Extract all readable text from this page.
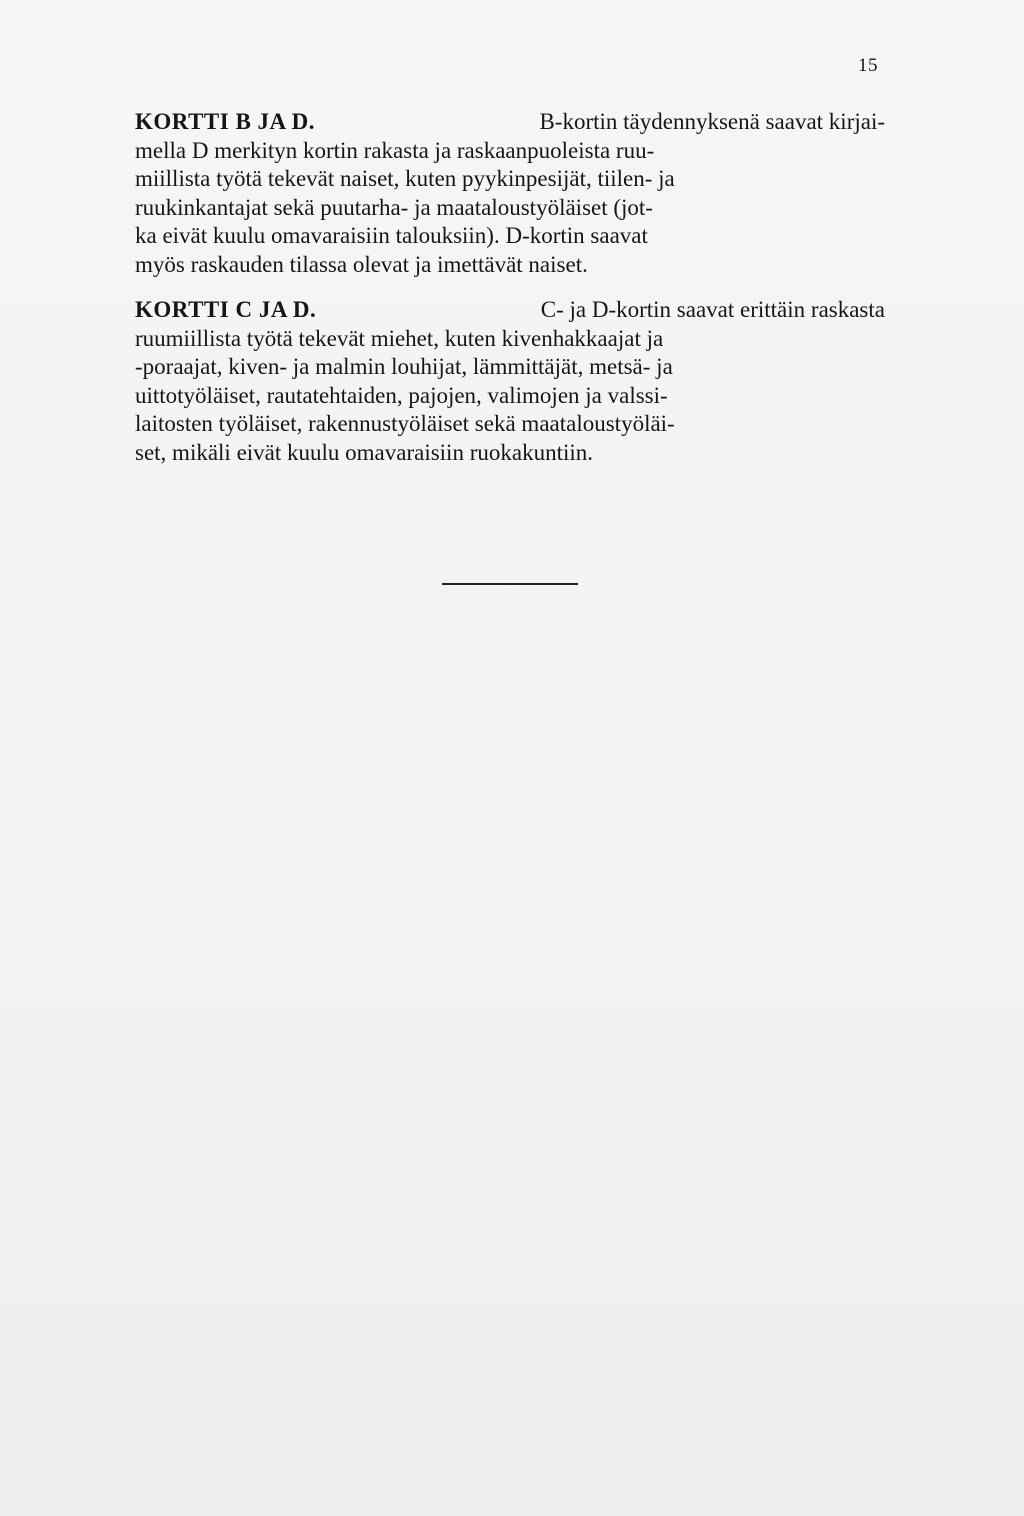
15
KORTTI B JA D.	B-kortin täydennyksenä saavat kirjai-
mella D merkityn kortin rakasta ja raskaanpuoleista ruu-
miillista työtä tekevät naiset, kuten pyykinpesijät, tiilen- ja
ruukinkantajat sekä puutarha- ja maataloustyöläiset (jot-
ka eivät kuulu omavaraisiin talouksiin). D-kortin saavat
myös raskauden tilassa olevat ja imettävät naiset.
KORTTI C JA D.	C- ja D-kortin saavat erittäin raskasta
ruumiillista työtä tekevät miehet, kuten kivenhakkaajat ja
-poraajat, kiven- ja malmin louhijat, lämmittäjät, metsä- ja
uittotyöläiset, rautatehtaiden, pajojen, valimojen ja valssi-
laitosten työläiset, rakennustyöläiset sekä maataloustyöläi-
set, mikäli eivät kuulu omavaraisiin ruokakuntiin.
